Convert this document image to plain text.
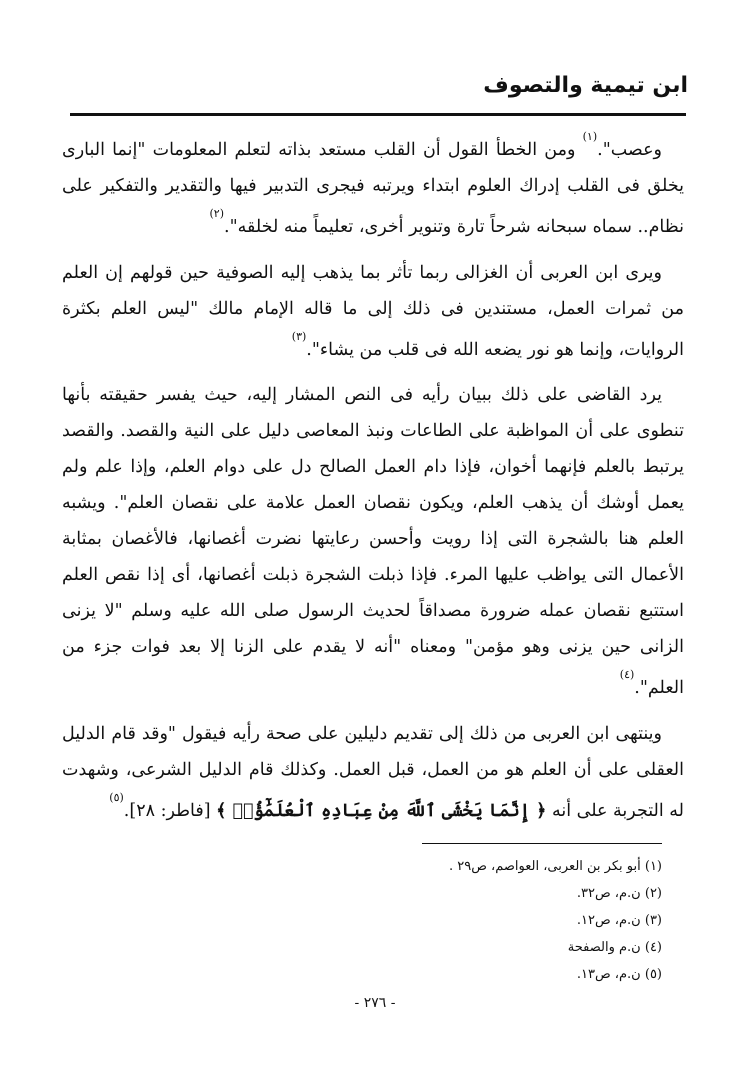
ابن تيمية والتصوف

وعصب".$^{(١)}$ ومن الخطأ القول أن القلب مستعد بذاته لتعلم المعلومات "إنما البارى يخلق فى القلب إدراك العلوم ابتداء ويرتبه فيجرى التدبير فيها والتقدير والتفكير على نظام.. سماه سبحانه شرحاً تارة وتنوير أخرى، تعليماً منه لخلقه".$^{(٢)}$

ويرى ابن العربى أن الغزالى ربما تأثر بما يذهب إليه الصوفية حين قولهم إن العلم من ثمرات العمل، مستندين فى ذلك إلى ما قاله الإمام مالك "ليس العلم بكثرة الروايات، وإنما هو نور يضعه الله فى قلب من يشاء".$^{(٣)}$

يرد القاضى على ذلك ببيان رأيه فى النص المشار إليه، حيث يفسر حقيقته بأنها تنطوى على أن المواظبة على الطاعات ونبذ المعاصى دليل على النية والقصد. والقصد يرتبط بالعلم فإنهما أخوان، فإذا دام العمل الصالح دل على دوام العلم، وإذا علم ولم يعمل أوشك أن يذهب العلم، ويكون نقصان العمل علامة على نقصان العلم". ويشبه العلم هنا بالشجرة التى إذا رويت وأحسن رعايتها نضرت أغصانها، فالأغصان بمثابة الأعمال التى يواظب عليها المرء. فإذا ذبلت الشجرة ذبلت أغصانها، أى إذا نقص العلم استتبع نقصان عمله ضرورة مصداقاً لحديث الرسول صلى الله عليه وسلم "لا يزنى الزانى حين يزنى وهو مؤمن" ومعناه "أنه لا يقدم على الزنا إلا بعد فوات جزء من العلم".$^{(٤)}$

وينتهى ابن العربى من ذلك إلى تقديم دليلين على صحة رأيه فيقول "وقد قام الدليل العقلى على أن العلم هو من العمل، قبل العمل. وكذلك قام الدليل الشرعى، وشهدت له التجربة على أنه ﴿ إِنَّمَا يَخْشَى ٱللَّهَ مِنْ عِبَادِهِ ٱلْعُلَمَٰٓؤُا۟ ﴾ [فاطر: ٢٨].$^{(٥)}$

(١) أبو بكر بن العربى، العواصم، ص٢٩ .
(٢) ن.م، ص٣٢.
(٣) ن.م، ص١٢.
(٤) ن.م والصفحة
(٥) ن.م، ص١٣.
- ٢٧٦ -
